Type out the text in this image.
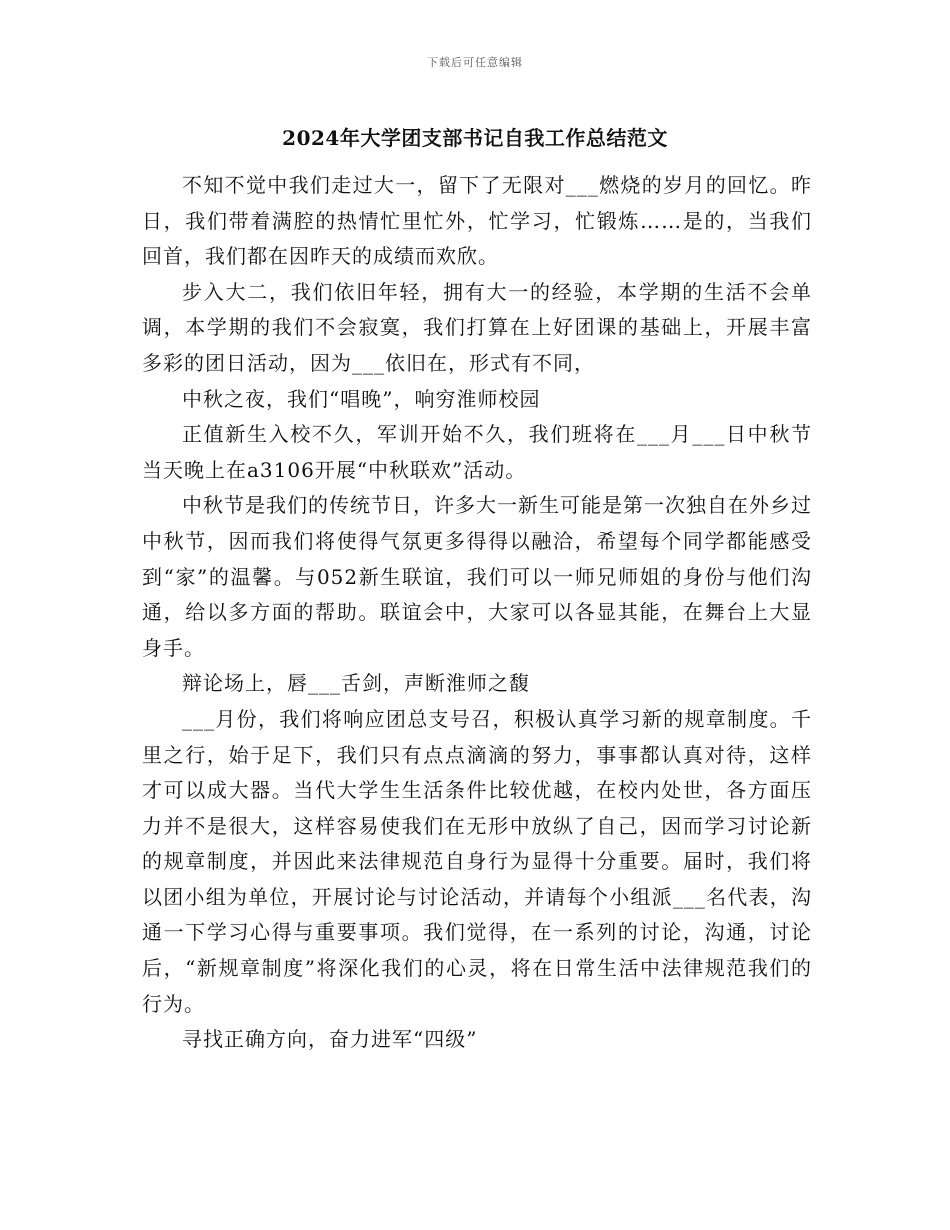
下载后可任意编辑
2024年大学团支部书记自我工作总结范文

不知不觉中我们走过大一，留下了无限对___燃烧的岁月的回忆。昨日，我们带着满腔的热情忙里忙外，忙学习，忙锻炼……是的，当我们回首，我们都在因昨天的成绩而欢欣。

步入大二，我们依旧年轻，拥有大一的经验，本学期的生活不会单调，本学期的我们不会寂寞，我们打算在上好团课的基础上，开展丰富多彩的团日活动，因为___依旧在，形式有不同，

中秋之夜，我们“唱晚”，响穷淮师校园

正值新生入校不久，军训开始不久，我们班将在___月___日中秋节当天晚上在a3106开展“中秋联欢”活动。

中秋节是我们的传统节日，许多大一新生可能是第一次独自在外乡过中秋节，因而我们将使得气氛更多得得以融洽，希望每个同学都能感受到“家”的温馨。与052新生联谊，我们可以一师兄师姐的身份与他们沟通，给以多方面的帮助。联谊会中，大家可以各显其能，在舞台上大显身手。

辩论场上，唇___舌剑，声断淮师之馥

___月份，我们将响应团总支号召，积极认真学习新的规章制度。千里之行，始于足下，我们只有点点滴滴的努力，事事都认真对待，这样才可以成大器。当代大学生生活条件比较优越，在校内处世，各方面压力并不是很大，这样容易使我们在无形中放纵了自己，因而学习讨论新的规章制度，并因此来法律规范自身行为显得十分重要。届时，我们将以团小组为单位，开展讨论与讨论活动，并请每个小组派___名代表，沟通一下学习心得与重要事项。我们觉得，在一系列的讨论，沟通，讨论后，“新规章制度”将深化我们的心灵，将在日常生活中法律规范我们的行为。

寻找正确方向，奋力进军“四级”
